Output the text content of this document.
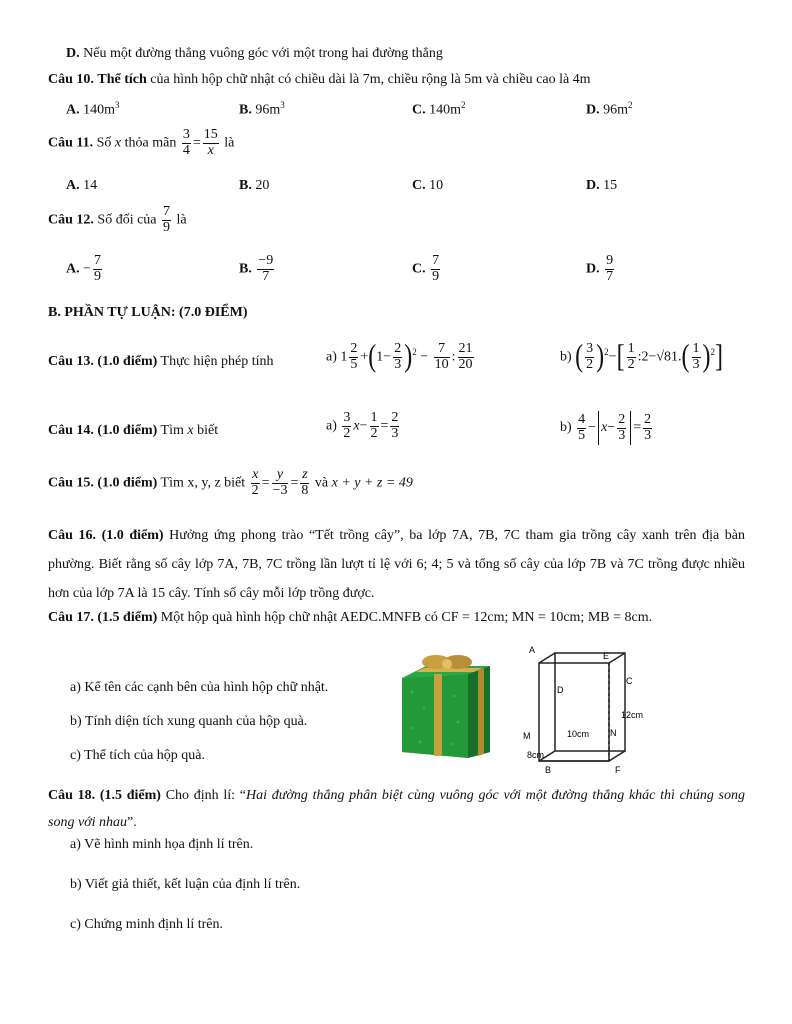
D. Nếu một đường thẳng vuông góc với một trong hai đường thẳng
Câu 10. Thể tích của hình hộp chữ nhật có chiều dài là 7m, chiều rộng là 5m và chiều cao là 4m
A. $140m^3$	B. $96m^3$	C. $140m^2$	D. $96m^2$
Câu 11. Số x thỏa mãn $\frac{3}{4} = \frac{15}{x}$ là
A. 14	B. 20	C. 10	D. 15
Câu 12. Số đối của $\frac{7}{9}$ là
A. − $\frac{7}{9}$	B. $\frac{-9}{7}$	C. $\frac{7}{9}$	D. $\frac{9}{7}$
B. PHẦN TỰ LUẬN: (7.0 ĐIỂM)
Câu 13. (1.0 điểm) Thực hiện phép tính	a) $1 \frac{2}{5} +(1- \frac{2}{3} )^2 - \frac{7}{10}$ : $\frac{21}{20}$	b) ( $\frac{3}{2} )^2-[ \frac{1}{2}$ :2−√81.( $\frac{1}{3} )^2$]
Câu 14. (1.0 điểm) Tìm x biết	$a) \frac{3}{2} x- \frac{1}{2} = \frac{2}{3}$	$b) \frac{4}{5} - x- \frac{2}{3} = \frac{2}{3}$
Câu 15. (1.0 điểm) Tìm x, y, z biết $\frac{x}{2} = \frac{y}{-3} = \frac{z}{8}$ và x + y + z = 49
Câu 16. (1.0 điểm) Hưởng ứng phong trào “Tết trồng cây”, ba lớp 7A, 7B, 7C tham gia trồng cây xanh trên địa bàn phường. Biết rằng số cây lớp 7A, 7B, 7C trồng lần lượt tỉ lệ với 6; 4; 5 và tổng số cây của lớp 7B và 7C trồng được nhiều hơn của lớp 7A là 15 cây. Tính số cây mỗi lớp trồng được.
Câu 17. (1.5 điểm) Một hộp quà hình hộp chữ nhật AEDC.MNFB có CF = 12cm; MN = 10cm; MB = 8cm.
a) Kể tên các cạnh bên của hình hộp chữ nhật.
b) Tính diện tích xung quanh của hộp quà.
c) Thể tích của hộp quà.
A
E
D
C
12cm
10cm N
M
8cm
B	F
Câu 18. (1.5 điểm) Cho định lí: “Hai đường thẳng phân biệt cùng vuông góc với một đường thẳng khác thì chúng song song với nhau”.
a) Vẽ hình minh họa định lí trên.
b) Viết giả thiết, kết luận của định lí trên.
c) Chứng minh định lí trên.
